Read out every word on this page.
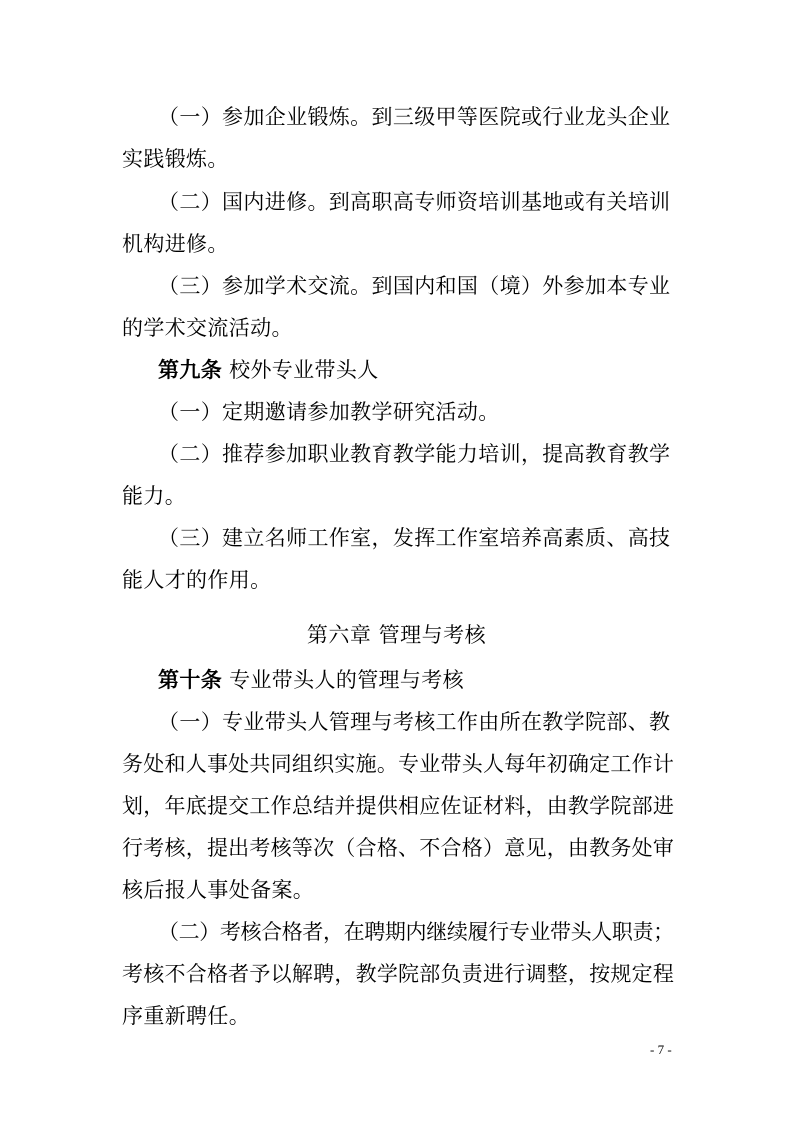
（一）参加企业锻炼。到三级甲等医院或行业龙头企业
实践锻炼。
（二）国内进修。到高职高专师资培训基地或有关培训
机构进修。
（三）参加学术交流。到国内和国（境）外参加本专业
的学术交流活动。
第九条 校外专业带头人
（一）定期邀请参加教学研究活动。
（二）推荐参加职业教育教学能力培训，提高教育教学
能力。
（三）建立名师工作室，发挥工作室培养高素质、高技
能人才的作用。
第六章 管理与考核
第十条 专业带头人的管理与考核
（一）专业带头人管理与考核工作由所在教学院部、教
务处和人事处共同组织实施。专业带头人每年初确定工作计
划，年底提交工作总结并提供相应佐证材料，由教学院部进
行考核，提出考核等次（合格、不合格）意见，由教务处审
核后报人事处备案。
（二）考核合格者，在聘期内继续履行专业带头人职责；
考核不合格者予以解聘，教学院部负责进行调整，按规定程
序重新聘任。
- 7 -
